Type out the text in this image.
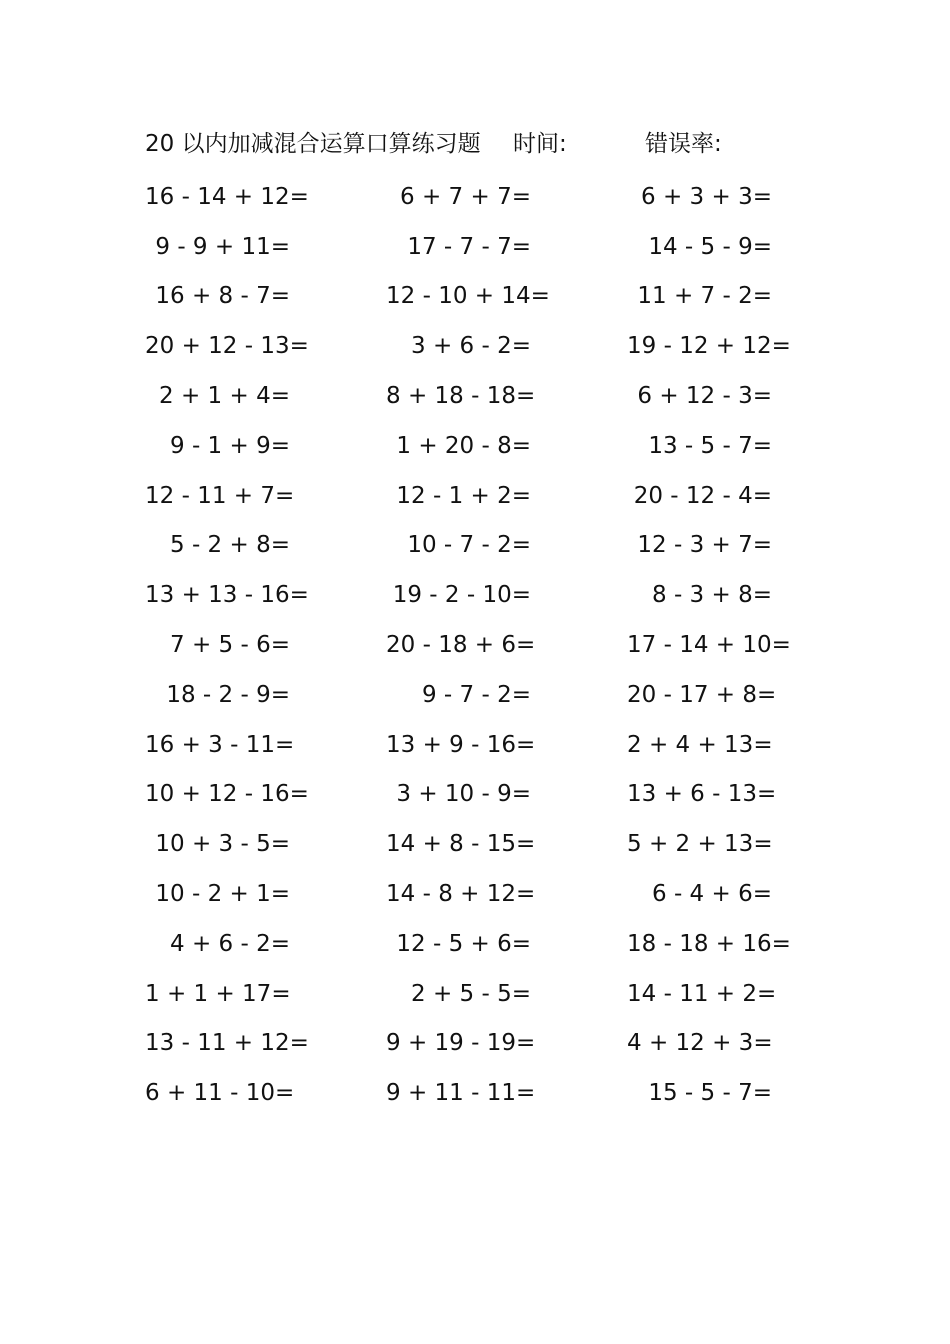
20 以内加减混合运算口算练习题 时间:	错误率:
16 - 14 + 12=	6 + 7 + 7=	6 + 3 + 3=
9 - 9 + 11=	17 - 7 - 7=	14 - 5 - 9=
16 + 8 - 7=	12 - 10 + 14=	11 + 7 - 2=
20 + 12 - 13=	3 + 6 - 2=	19 - 12 + 12=
2 + 1 + 4=	8 + 18 - 18=	6 + 12 - 3=
9 - 1 + 9=	1 + 20 - 8=	13 - 5 - 7=
12 - 11 + 7=	12 - 1 + 2=	20 - 12 - 4=
5 - 2 + 8=	10 - 7 - 2=	12 - 3 + 7=
13 + 13 - 16=	19 - 2 - 10=	8 - 3 + 8=
7 + 5 - 6=	20 - 18 + 6=	17 - 14 + 10=
18 - 2 - 9=	9 - 7 - 2=	20 - 17 + 8=
16 + 3 - 11=	13 + 9 - 16=	2 + 4 + 13=
10 + 12 - 16=	3 + 10 - 9=	13 + 6 - 13=
10 + 3 - 5=	14 + 8 - 15=	5 + 2 + 13=
10 - 2 + 1=	14 - 8 + 12=	6 - 4 + 6=
4 + 6 - 2=	12 - 5 + 6=	18 - 18 + 16=
1 + 1 + 17=	2 + 5 - 5=	14 - 11 + 2=
13 - 11 + 12=	9 + 19 - 19=	4 + 12 + 3=
6 + 11 - 10=	9 + 11 - 11=	15 - 5 - 7=
